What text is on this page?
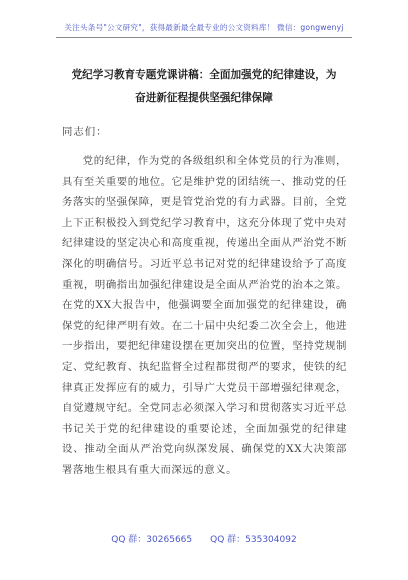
关注头条号"公文研究"，获得最新最全最专业的公文资料库！ 微信：gongwenyj
党纪学习教育专题党课讲稿：全面加强党的纪律建设，为
奋进新征程提供坚强纪律保障
同志们：

党的纪律，作为党的各级组织和全体党员的行为准则，具有至关重要的地位。它是维护党的团结统一、推动党的任务落实的坚强保障，更是管党治党的有力武器。目前，全党上下正积极投入到党纪学习教育中，这充分体现了党中央对纪律建设的坚定决心和高度重视，传递出全面从严治党不断深化的明确信号。习近平总书记对党的纪律建设给予了高度重视，明确指出加强纪律建设是全面从严治党的治本之策。在党的XX大报告中，他强调要全面加强党的纪律建设，确保党的纪律严明有效。在二十届中央纪委二次全会上，他进一步指出，要把纪律建设摆在更加突出的位置，坚持党规制定、党纪教育、执纪监督全过程都贯彻严的要求，使铁的纪律真正发挥应有的威力，引导广大党员干部增强纪律观念，自觉遵规守纪。全党同志必须深入学习和贯彻落实习近平总书记关于党的纪律建设的重要论述，全面加强党的纪律建设、推动全面从严治党向纵深发展、确保党的XX大决策部署落地生根具有重大而深远的意义。

QQ 群：30265665 QQ 群：535304092
